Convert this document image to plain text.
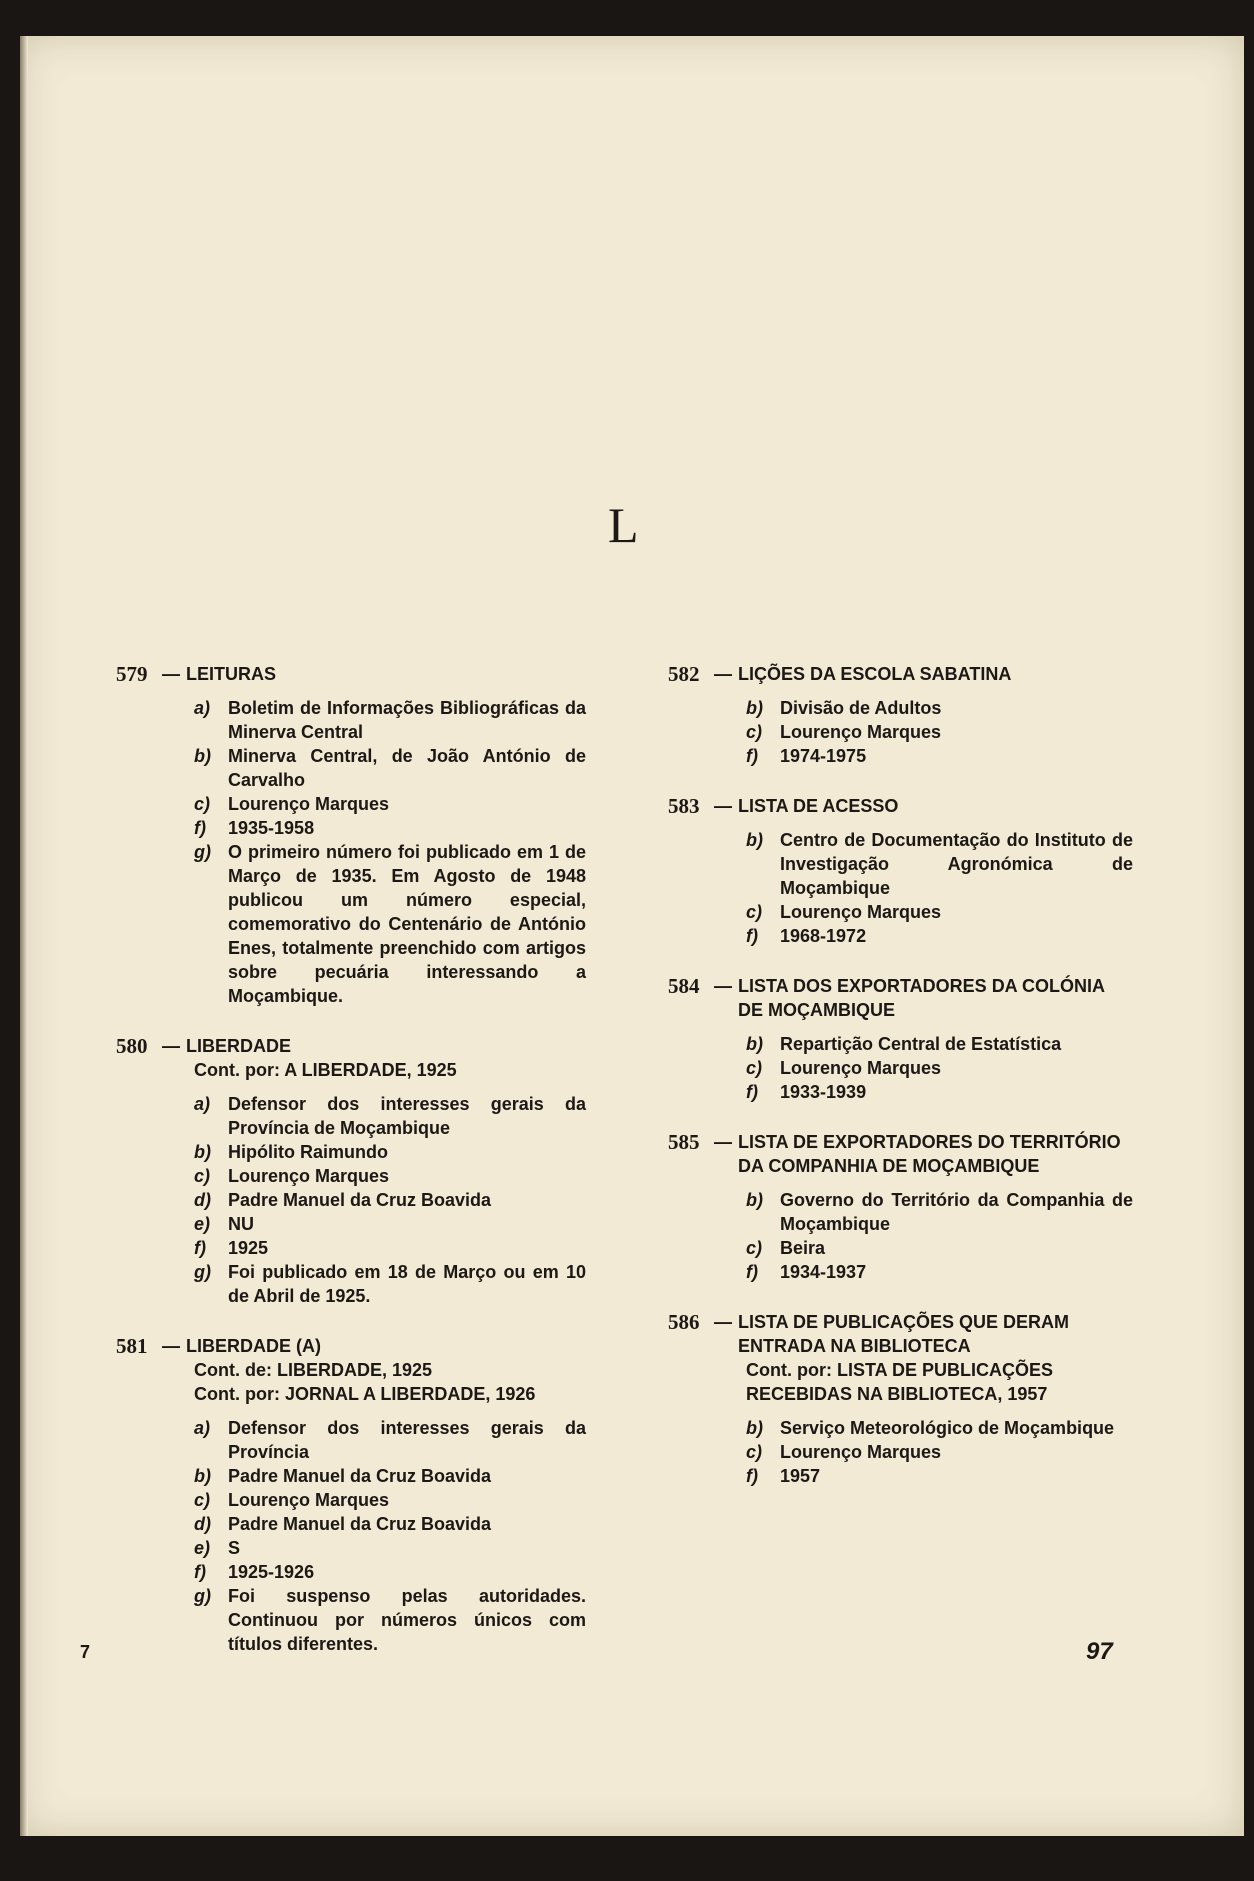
L
579 — LEITURAS
a) Boletim de Informações Bibliográficas da Minerva Central
b) Minerva Central, de João António de Carvalho
c) Lourenço Marques
f)	1935-1958
g) O primeiro número foi publicado em 1 de Março de 1935. Em Agosto de 1948 publicou um número especial, comemorativo do Centenário de António Enes, totalmente preenchido com artigos sobre pecuária interessando a Moçambique.
580 — LIBERDADE
Cont. por: A LIBERDADE, 1925
a) Defensor dos interesses gerais da Província de Moçambique
b) Hipólito Raimundo
c) Lourenço Marques
d) Padre Manuel da Cruz Boavida
e) NU
f)	1925
g) Foi publicado em 18 de Março ou em 10 de Abril de 1925.
581 — LIBERDADE (A)
Cont. de: LIBERDADE, 1925
Cont. por: JORNAL A LIBERDADE, 1926
a) Defensor dos interesses gerais da Província
b) Padre Manuel da Cruz Boavida
c) Lourenço Marques
d) Padre Manuel da Cruz Boavida
e) S
f)	1925-1926
g) Foi suspenso pelas autoridades. Continuou por números únicos com títulos diferentes.
582 — LIÇÕES DA ESCOLA SABATINA
b) Divisão de Adultos
c) Lourenço Marques
f)	1974-1975
583 — LISTA DE ACESSO
b) Centro de Documentação do Instituto de Investigação Agronómica de Moçambique
c) Lourenço Marques
f)	1968-1972
584 — LISTA DOS EXPORTADORES DA COLÓNIA DE MOÇAMBIQUE
b) Repartição Central de Estatística
c) Lourenço Marques
f)	1933-1939
585 — LISTA DE EXPORTADORES DO TERRITÓRIO DA COMPANHIA DE MOÇAMBIQUE
b) Governo do Território da Companhia de Moçambique
c) Beira
f)	1934-1937
586 — LISTA DE PUBLICAÇÕES QUE DERAM ENTRADA NA BIBLIOTECA
Cont. por: LISTA DE PUBLICAÇÕES RECEBIDAS NA BIBLIOTECA, 1957
b) Serviço Meteorológico de Moçambique
c) Lourenço Marques
f)	1957
7	97
